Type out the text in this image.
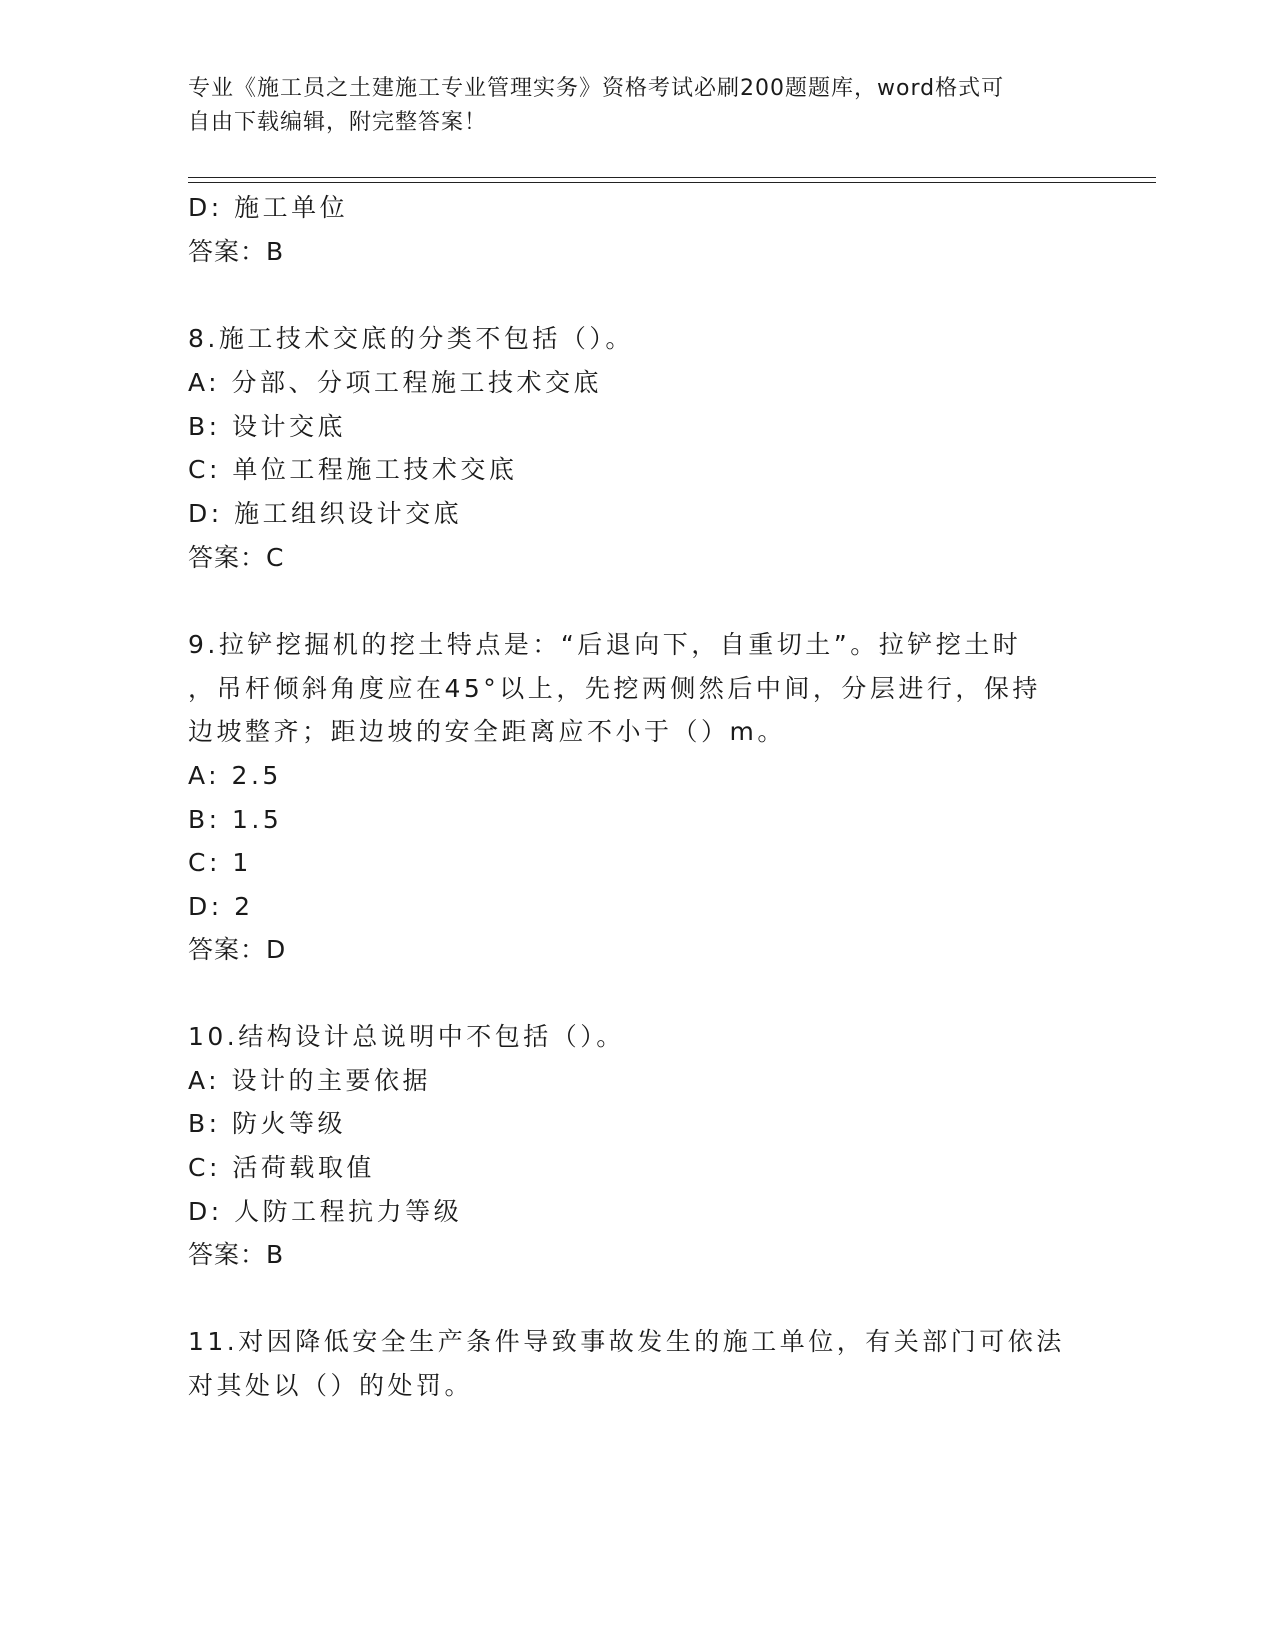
专业《施工员之土建施工专业管理实务》资格考试必刷200题题库，word格式可
自由下载编辑，附完整答案！
D: 施工单位
答案：B
8.施工技术交底的分类不包括（）。
A: 分部、分项工程施工技术交底
B: 设计交底
C: 单位工程施工技术交底
D: 施工组织设计交底
答案：C
9.拉铲挖掘机的挖土特点是：“后退向下，自重切土”。拉铲挖土时
，吊杆倾斜角度应在45°以上，先挖两侧然后中间，分层进行，保持
边坡整齐；距边坡的安全距离应不小于（）m。
A: 2.5
B: 1.5
C: 1
D: 2
答案：D
10.结构设计总说明中不包括（）。
A: 设计的主要依据
B: 防火等级
C: 活荷载取值
D: 人防工程抗力等级
答案：B
11.对因降低安全生产条件导致事故发生的施工单位，有关部门可依法
对其处以（）的处罚。
